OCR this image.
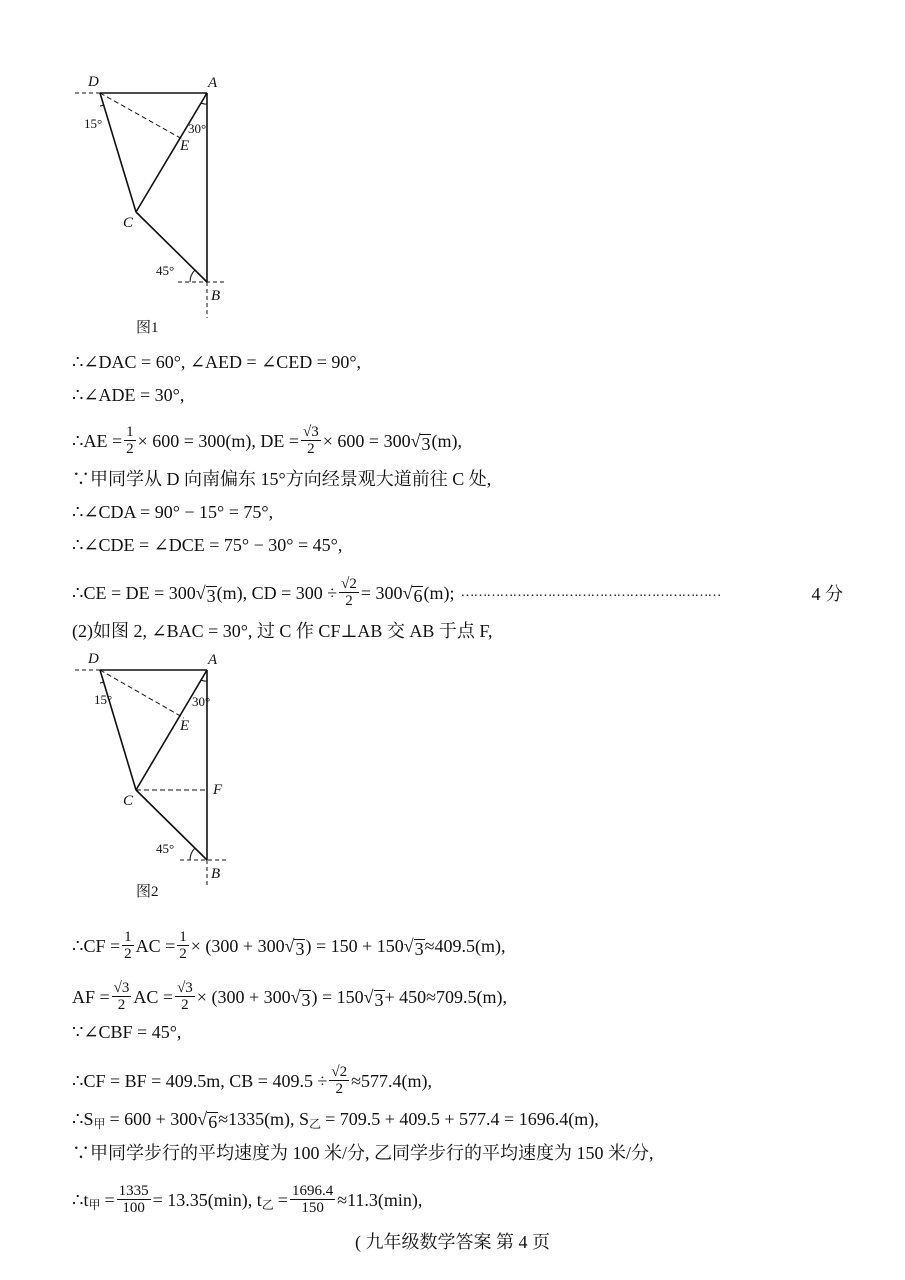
D	A
E
C
B
15°	30°
45°
图1
∴∠DAC = 60°, ∠AED = ∠CED = 90°,
∴∠ADE = 30°,
∴AE = $\frac{1}{2} \times 600 = 300(m)$, DE = $\frac{√3}{2} \times 600 = 300$ √ 3 (m),
∵甲同学从 D 向南偏东 15°方向经景观大道前往 C 处,
∴∠CDA = 90° − 15° = 75°,
∴∠CDE = ∠DCE = 75° − 30° = 45°,
∴CE = DE = 300 √ 3 (m), CD = $300 \div \frac{√2}{2} = 300$ √ 6 (m); ……………………………………………………	4 分
(2)如图 2, ∠BAC = 30°, 过 C 作 CF⊥AB 交 AB 于点 F,
D	A
E
C
F
B
15°	30°
45°
图2
∴CF = $\frac{1}{2}$ AC = $\frac{1}{2} \times (300 + 300$ √ 3 ) = 150 + 150 √ 3 ≈409.5(m),
AF = $\frac{√3}{2}$ AC = $\frac{√3}{2} \times (300 + 300$ √ 3 ) = 150 √ 3 + 450≈709.5(m),
∵∠CBF = 45°,
∴CF = BF = 409.5m, CB = $409.5 \div \frac{√2}{2} \approx 577.4(m)$,
∴S 甲 = 600 + 300 √ 6 ≈1335(m), S 乙 = 709.5 + 409.5 + 577.4 = 1696.4(m),
∵甲同学步行的平均速度为 100 米/分, 乙同学步行的平均速度为 150 米/分,
∴t 甲 = $\frac{1335}{100} = 13.35(\min)$, t 乙 = $\frac{1696.4}{150} \approx 11.3(\min)$,
( 九年级数学答案 第 4 页
